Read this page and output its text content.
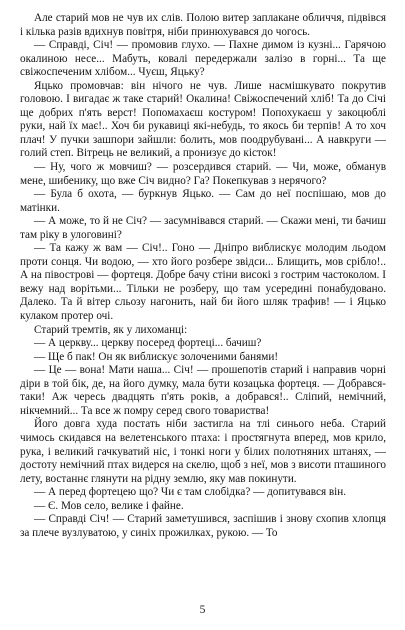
Але старий мов не чув их слів. Полою витер заплакане обличчя, підвівся і кілька разів вдихнув повітря, ніби принюхувався до чогось.

— Справді, Січ! — промовив глухо. — Пахне димом із кузні... Гарячою окалиною несе... Мабуть, ковалі передержали залізо в горні... Та ще свіжоспеченим хлібом... Чуєш, Яцьку?

Яцько промовчав: він нічого не чув. Лише насмішкувато покрутив головою. І вигадає ж таке старий! Окалина! Свіжоспечений хліб! Та до Січі ще добрих п'ять верст! Попомахаєш костуром! Попохукаєш у закоцюблі руки, най їх має!.. Хоч би рукавиці які-небудь, то якось би терпів! А то хоч плач! У пучки зашпори зайшли: болить, мов поодрубувані... А навкруги — голий степ. Вітрець не великий, а пронизує до кісток!

— Ну, чого ж мовчиш? — розсердився старий. — Чи, може, обманув мене, шибенику, що вже Січ видно? Га? Покепкував з нерячого?

— Була б охота, — буркнув Яцько. — Сам до неї поспішаю, мов до матінки.

— А може, то й не Січ? — засумнівався старий. — Скажи мені, ти бачиш там ріку в улоговині?

— Та кажу ж вам — Січ!.. Гоно — Дніпро виблискує молодим льодом проти сонця. Чи водою, — хто його розбере звідси... Блищить, мов срібло!.. А на півострові — фортеця. Добре бачу стіни високі з гострим частоколом. І вежу над ворітьми... Тільки не розберу, що там усередині понабудовано. Далеко. Та й вітер сльозу нагонить, най би його шляк трафив! — і Яцько кулаком протер очі.

Старий тремтів, як у лихоманці:

— А церкву... церкву посеред фортеці... бачиш?

— Ще б пак! Он як виблискує золоченими банями!

— Це — вона! Мати наша... Січ! — прошепотів старий і направив чорні діри в той бік, де, на його думку, мала бути козацька фортеця. — Добрався-таки! Аж чересь двадцять п'ять років, а добрався!.. Сліпий, немічний, нікчемний... Та все ж помру серед свого товариства!

Його довга худа постать ніби застигла на тлі синього неба. Старий чимось скидався на велетенського птаха: і простягнута вперед, мов крило, рука, і великий гачкуватий ніс, і тонкі ноги у білих полотняних штанях, — достоту немічний птах видерся на скелю, щоб з неї, мов з висоти пташиного лету, востаннє глянути на рідну землю, яку мав покинути.

— А перед фортецею що? Чи є там слобідка? — допитувався він.

— Є. Мов село, велике і файне.

— Справді Січ! — Старий заметушився, заспішив і знову схопив хлопця за плече вузлуватою, у синіх прожилках, рукою. — То

5
